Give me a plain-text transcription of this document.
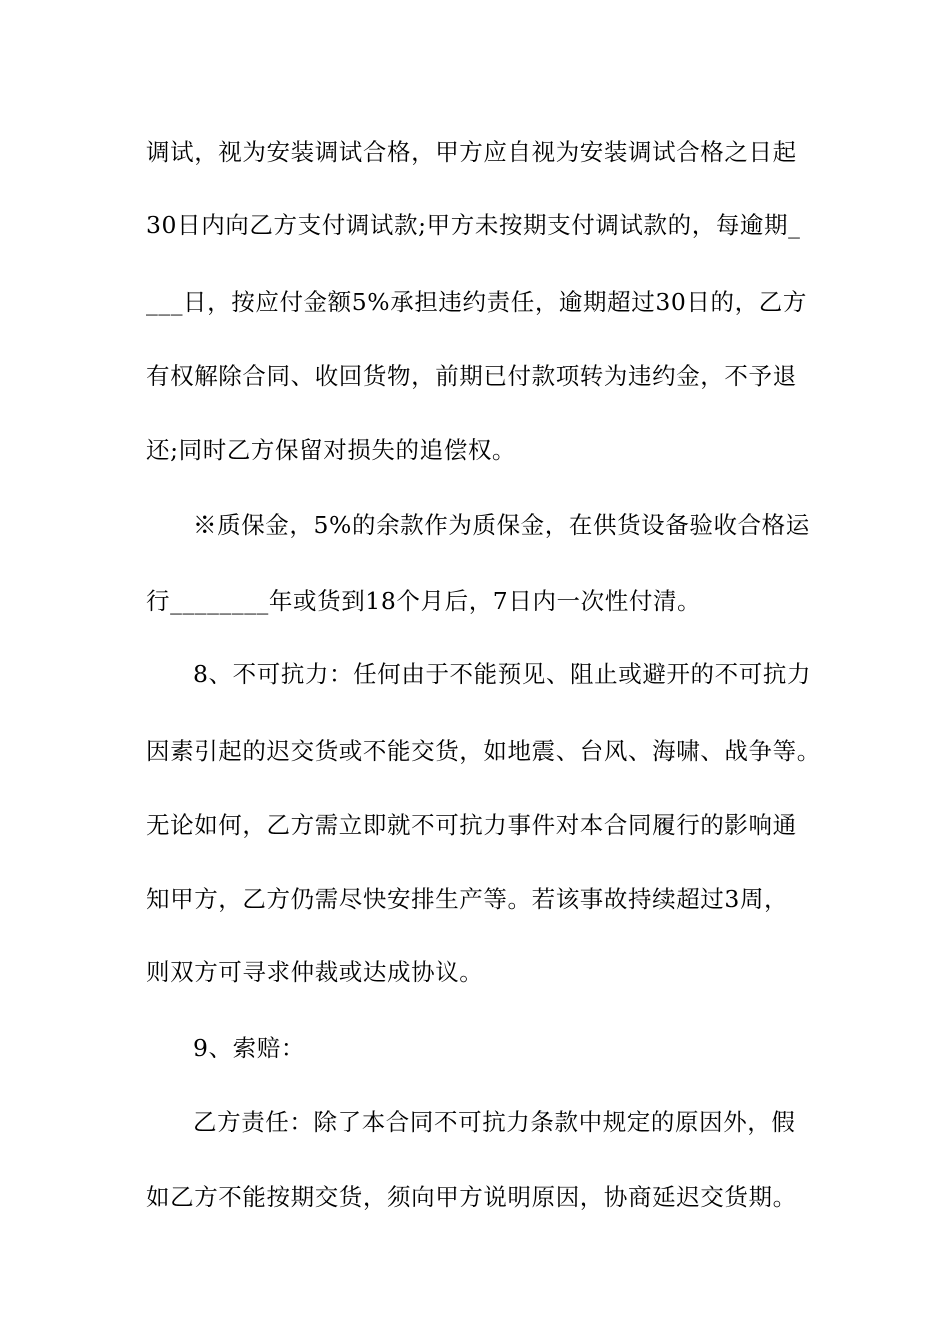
调试，视为安装调试合格，甲方应自视为安装调试合格之日起
30日内向乙方支付调试款;甲方未按期支付调试款的，每逾期_
___日，按应付金额5%承担违约责任，逾期超过30日的，乙方
有权解除合同、收回货物，前期已付款项转为违约金，不予退
还;同时乙方保留对损失的追偿权。
※质保金，5%的余款作为质保金，在供货设备验收合格运
行________年或货到18个月后，7日内一次性付清。
8、不可抗力：任何由于不能预见、阻止或避开的不可抗力
因素引起的迟交货或不能交货，如地震、台风、海啸、战争等。
无论如何，乙方需立即就不可抗力事件对本合同履行的影响通
知甲方，乙方仍需尽快安排生产等。若该事故持续超过3周，
则双方可寻求仲裁或达成协议。
9、索赔：
乙方责任：除了本合同不可抗力条款中规定的原因外，假
如乙方不能按期交货，须向甲方说明原因，协商延迟交货期。
